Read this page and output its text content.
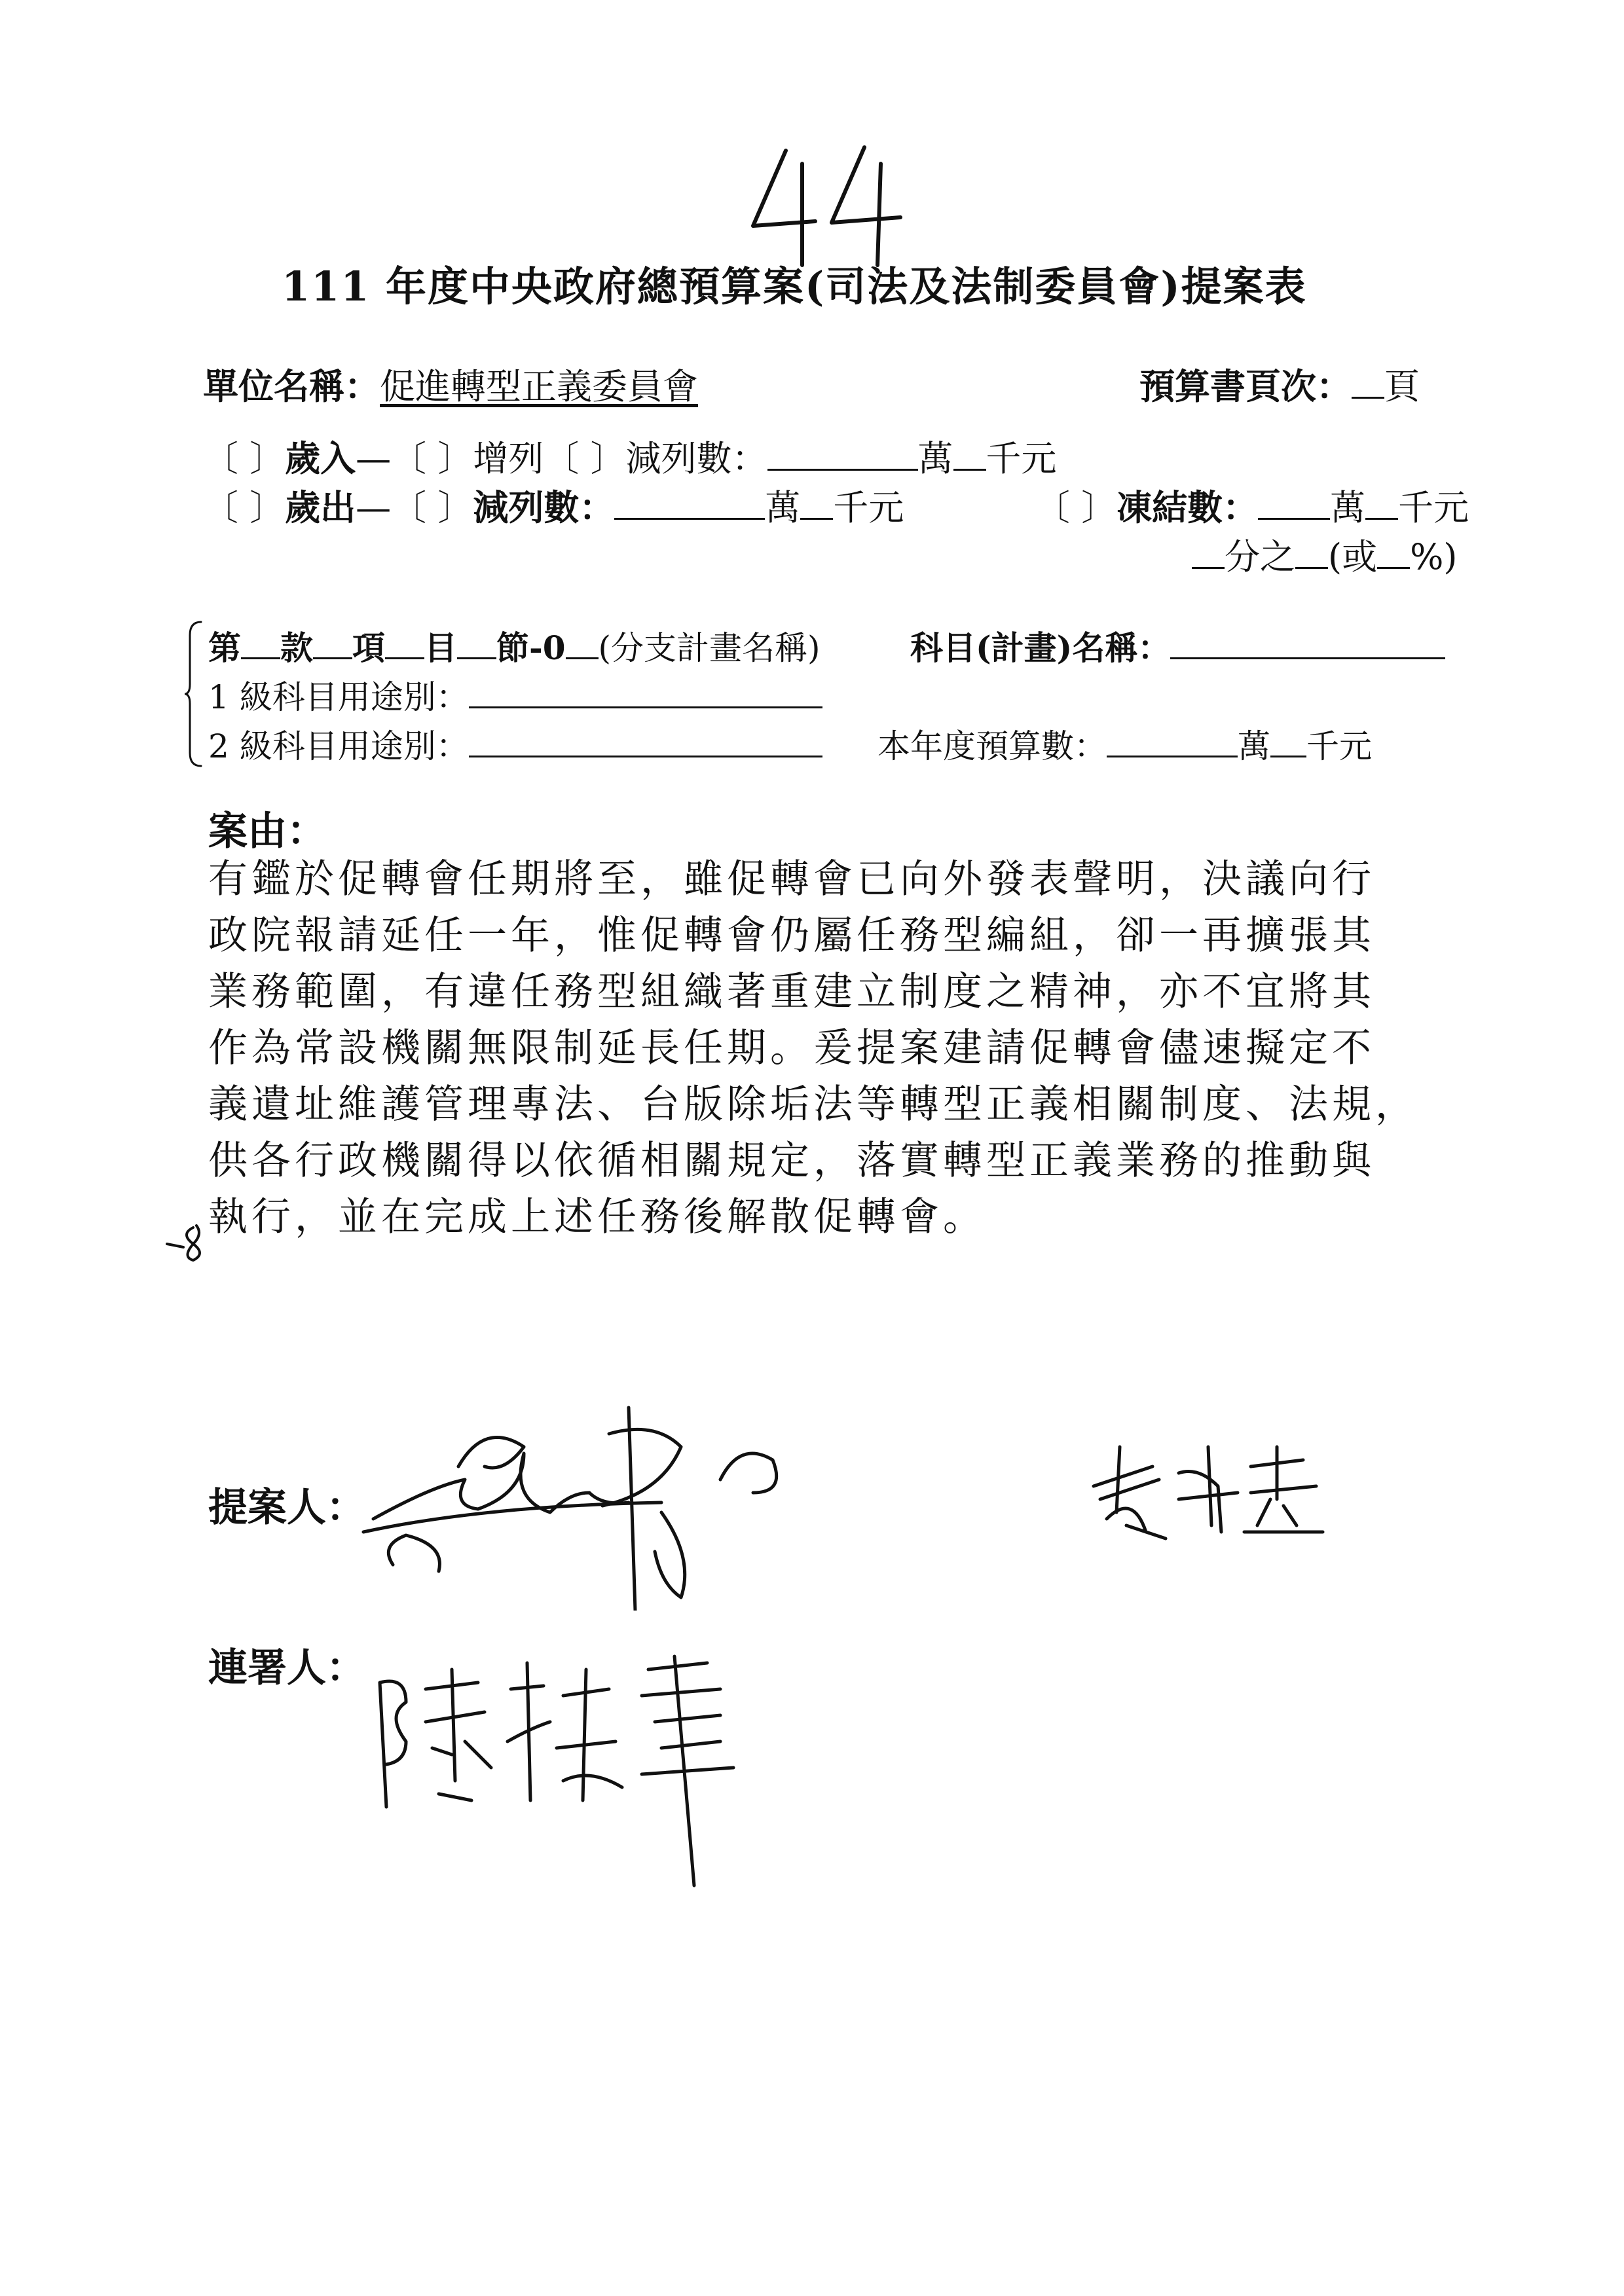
111 年度中央政府總預算案(司法及法制委員會)提案表
單位名稱：促進轉型正義委員會	預算書頁次： 頁
〔 〕歲入—〔 〕增列〔 〕減列數：	萬 千元
〔 〕歲出—〔 〕減列數：	萬 千元	〔 〕凍結數： 萬 千元
分之 (或 %)
第 款 項 目 節-0 (分支計畫名稱)	科目(計畫)名稱：
1 級科目用途別：
2 級科目用途別：	本年度預算數：	萬 千元
案由：
有鑑於促轉會任期將至，雖促轉會已向外發表聲明，決議向行
政院報請延任一年，惟促轉會仍屬任務型編組，卻一再擴張其
業務範圍，有違任務型組織著重建立制度之精神，亦不宜將其
作為常設機關無限制延長任期。爰提案建請促轉會儘速擬定不
義遺址維護管理專法、台版除垢法等轉型正義相關制度、法規，
供各行政機關得以依循相關規定，落實轉型正義業務的推動與
執行，並在完成上述任務後解散促轉會。
提案人：
連署人：
